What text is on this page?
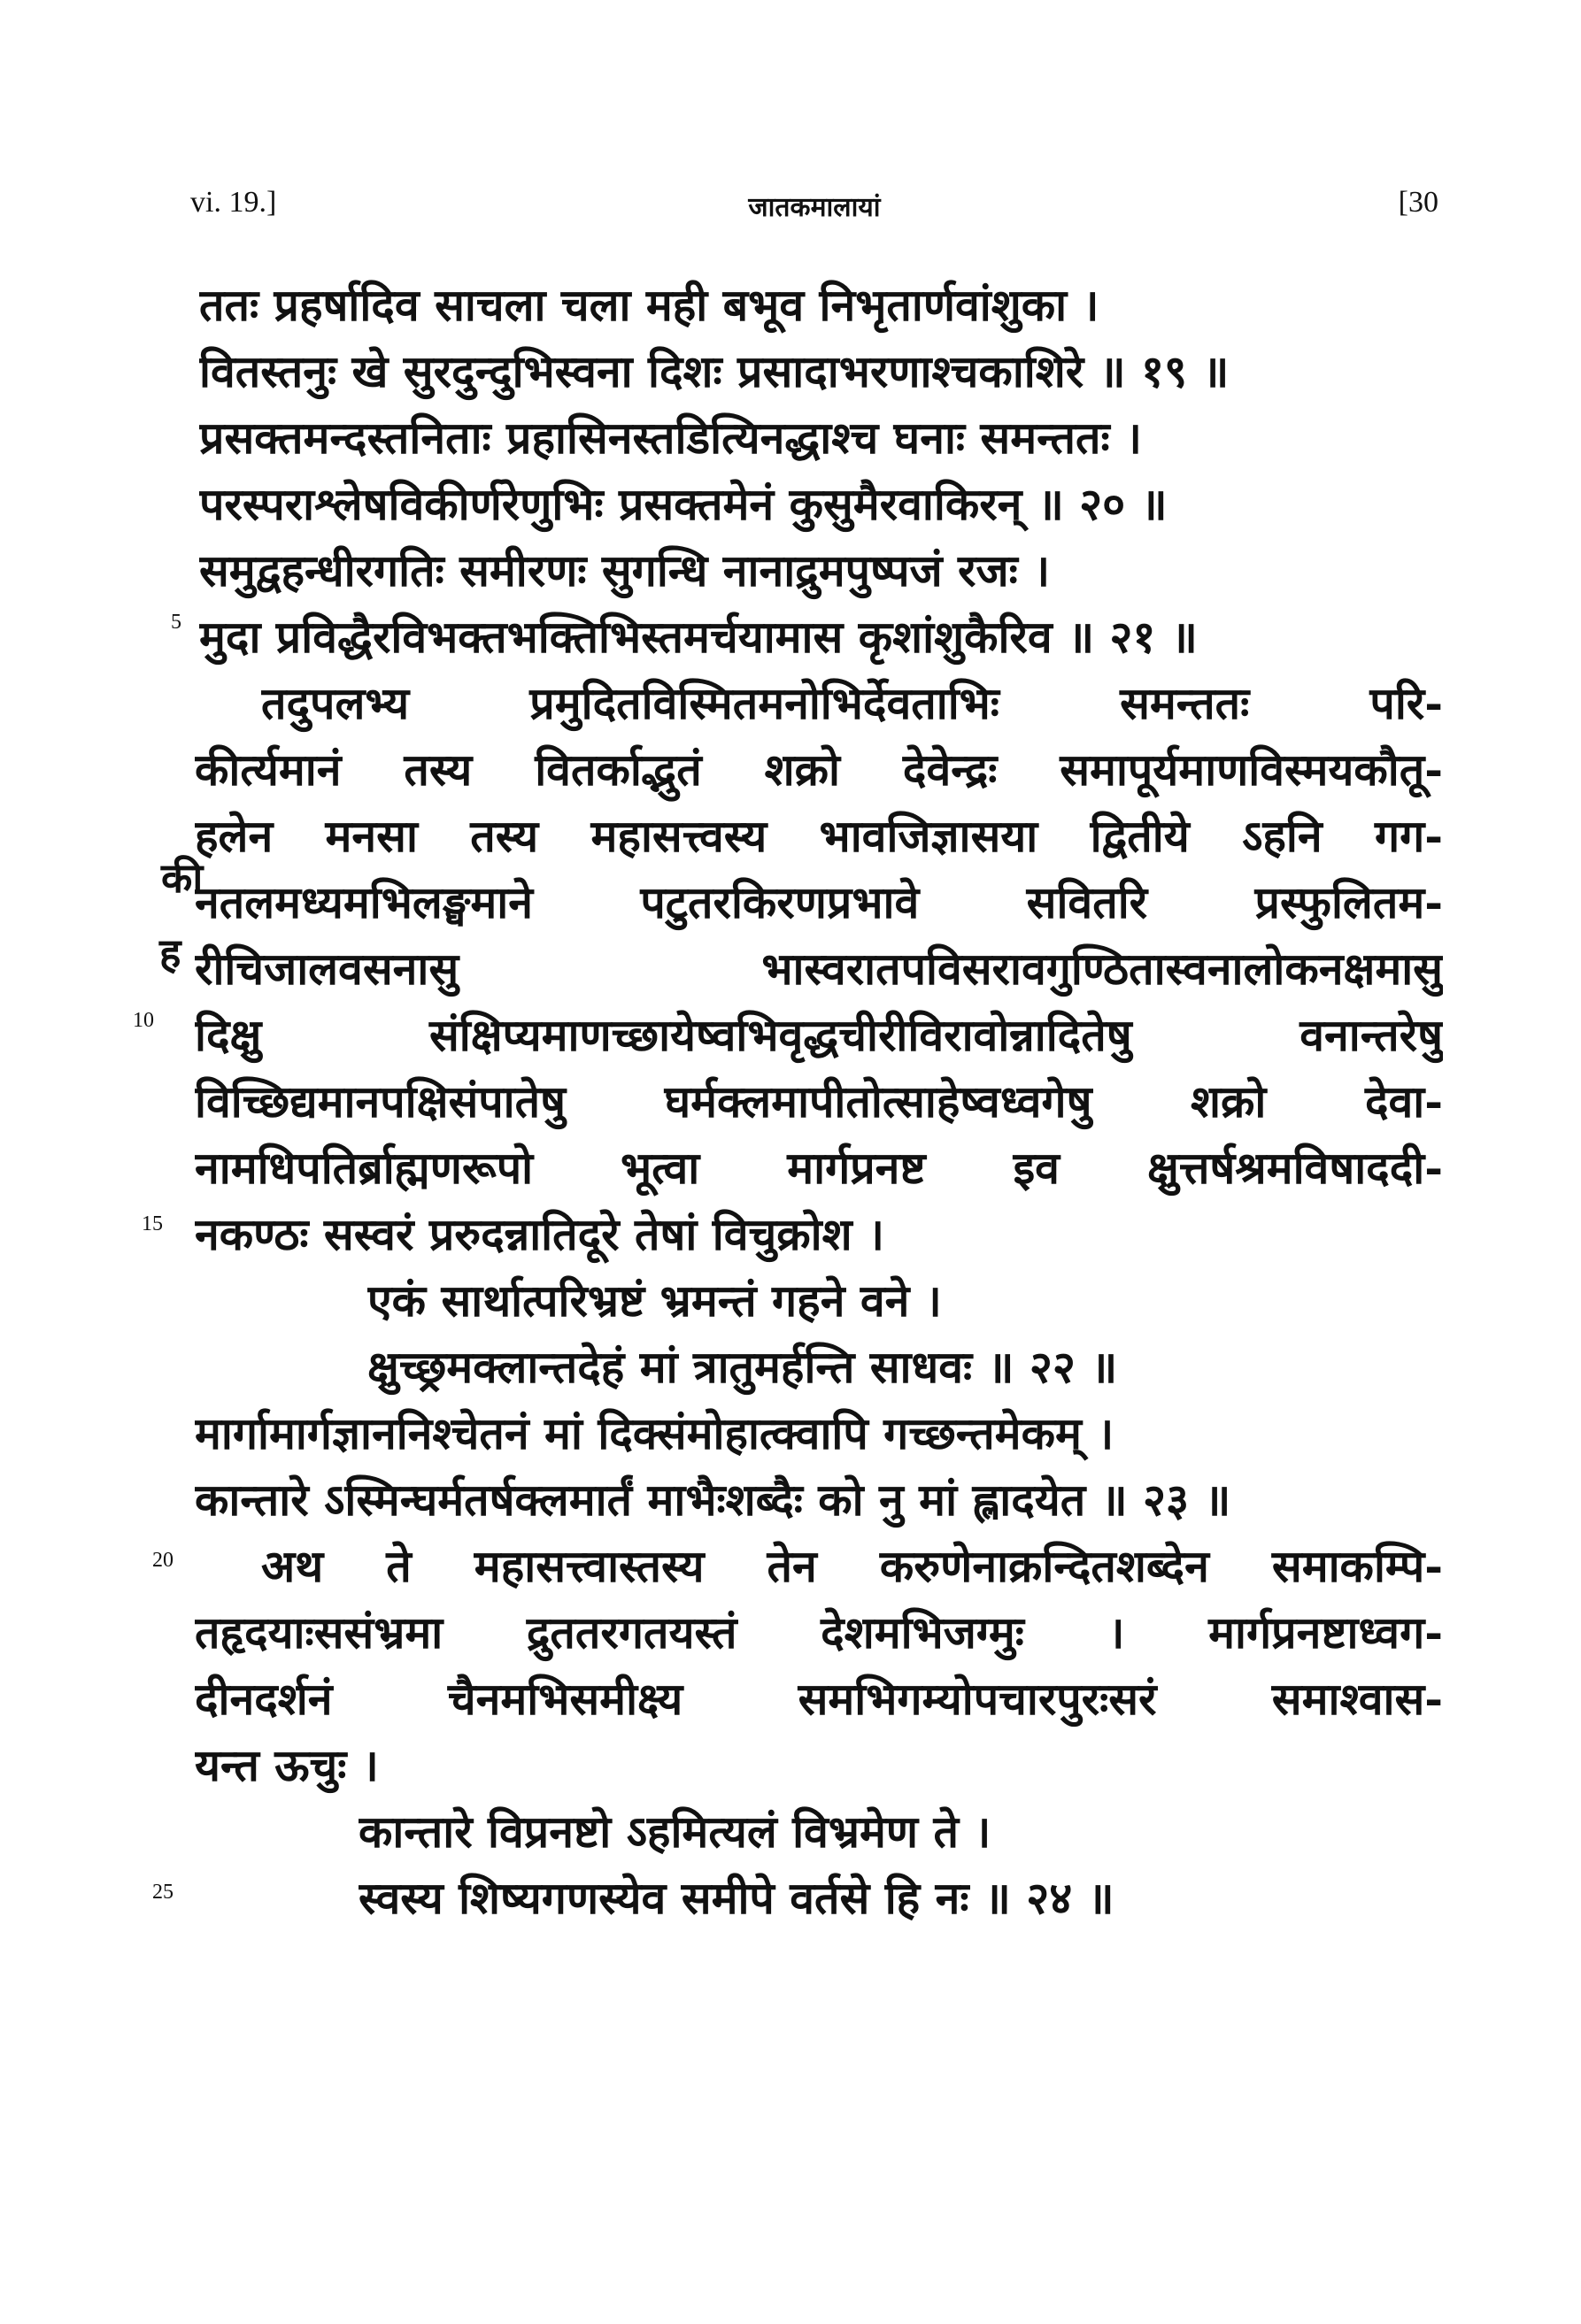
vi. 19.]	जातकमालायां	[30
ततः प्रहर्षादिव साचला चला मही बभूव निभृतार्णवांशुका ।
वितस्तनुः खे सुरदुन्दुभिस्वना दिशः प्रसादाभरणाश्चकाशिरे ॥ १९ ॥
प्रसक्तमन्दस्तनिताः प्रहासिनस्तडित्यिनद्धाश्च घनाः समन्ततः ।
परस्पराश्लेषविकीर्णरेणुभिः प्रसक्तमेनं कुसुमैरवाकिरन् ॥ २० ॥
समुद्वहन्धीरगतिः समीरणः सुगन्धि नानाद्रुमपुष्पजं रजः ।
मुदा प्रविद्धैरविभक्तभक्तिभिस्तमर्चयामास कृशांशुकैरिव ॥ २१ ॥
तदुपलभ्य प्रमुदितविस्मितमनोभिर्देवताभिः समन्ततः परि-
कीर्त्यमानं तस्य वितर्काद्भुतं शक्रो देवेन्द्रः समापूर्यमाणविस्मयकौतू-
हलेन मनसा तस्य महासत्त्वस्य भावजिज्ञासया द्वितीये ऽहनि गग-
नतलमध्यमभिलङ्घमाने पटुतरकिरणप्रभावे सवितरि प्रस्फुलितम-
रीचिजालवसनासु भास्वरातपविसरावगुण्ठितास्वनालोकनक्षमासु
दिक्षु संक्षिप्यमाणच्छायेष्वभिवृद्धचीरीविरावोन्नादितेषु वनान्तरेषु
विच्छिद्यमानपक्षिसंपातेषु घर्मक्लमापीतोत्साहेष्वध्वगेषु शक्रो देवा-
नामधिपतिर्ब्राह्मणरूपो भूत्वा मार्गप्रनष्ट इव क्षुत्तर्षश्रमविषाददी-
नकण्ठः सस्वरं प्ररुदन्नातिदूरे तेषां विचुक्रोश ।
एकं सार्थात्परिभ्रष्टं भ्रमन्तं गहने वने ।
क्षुच्छ्रमक्लान्तदेहं मां त्रातुमर्हन्ति साधवः ॥ २२ ॥
मार्गामार्गज्ञाननिश्चेतनं मां दिक्संमोहात्क्वापि गच्छन्तमेकम् ।
कान्तारे ऽस्मिन्घर्मतर्षक्लमार्तं माभैःशब्दैः को नु मां ह्लादयेत ॥ २३ ॥
अथ ते महासत्त्वास्तस्य तेन करुणेनाक्रन्दितशब्देन समाकम्पि-
तहृदयाःससंभ्रमा द्रुततरगतयस्तं देशमभिजग्मुः । मार्गप्रनष्टाध्वग-
दीनदर्शनं चैनमभिसमीक्ष्य समभिगम्योपचारपुरःसरं समाश्वास-
यन्त ऊचुः ।
कान्तारे विप्रनष्टो ऽहमित्यलं विभ्रमेण ते ।
स्वस्य शिष्यगणस्येव समीपे वर्तसे हि नः ॥ २४ ॥
5
10
15
20
25
की
ह
